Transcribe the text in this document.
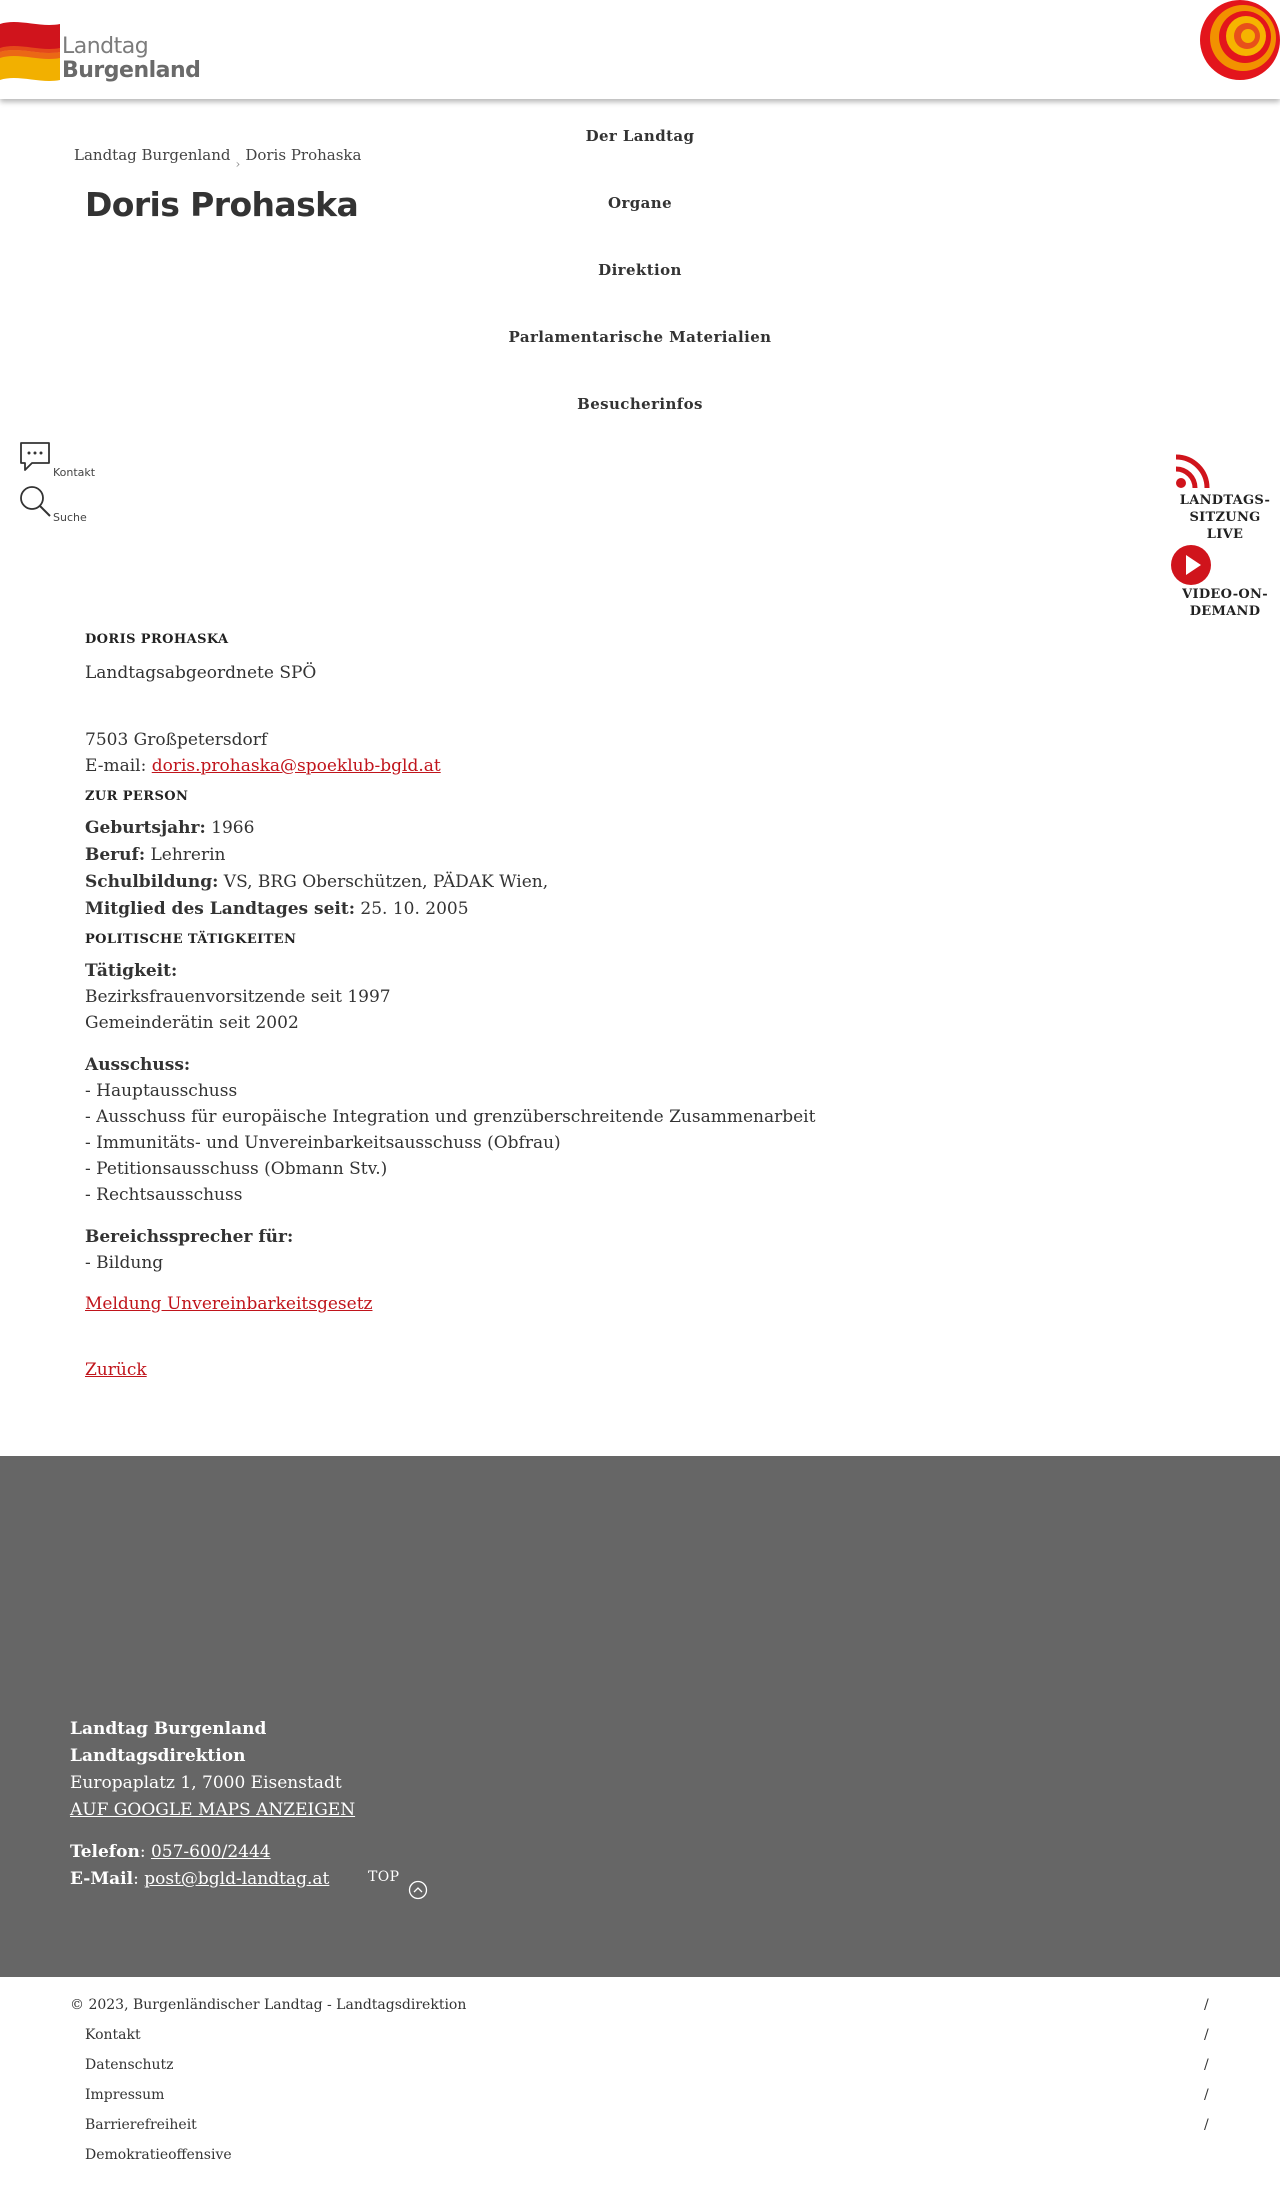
Landtag
Burgenland
Landtag Burgenland › Doris Prohaska
Doris Prohaska
Der Landtag
Organe
Direktion
Parlamentarische Materialien
Besucherinfos
Kontakt
Suche
LANDTAGS-
SITZUNG LIVE
VIDEO-ON-
DEMAND
DORIS PROHASKA
Landtagsabgeordnete SPÖ
7503 Großpetersdorf
E-mail: doris.prohaska@spoeklub-bgld.at
ZUR PERSON
Geburtsjahr: 1966
Beruf: Lehrerin
Schulbildung: VS, BRG Oberschützen, PÄDAK Wien,
Mitglied des Landtages seit: 25. 10. 2005
POLITISCHE TÄTIGKEITEN
Tätigkeit:
Bezirksfrauenvorsitzende seit 1997
Gemeinderätin seit 2002
Ausschuss:
- Hauptausschuss
- Ausschuss für europäische Integration und grenzüberschreitende Zusammenarbeit
- Immunitäts- und Unvereinbarkeitsausschuss (Obfrau)
- Petitionsausschuss (Obmann Stv.)
- Rechtsausschuss
Bereichssprecher für:
- Bildung
Meldung Unvereinbarkeitsgesetz
Zurück
Landtag Burgenland
Landtagsdirektion
Europaplatz 1, 7000 Eisenstadt
AUF GOOGLE MAPS ANZEIGEN
Telefon: 057-600/2444
E-Mail: post@bgld-landtag.at	TOP
© 2023, Burgenländischer Landtag - Landtagsdirektion	/
Kontakt	/
Datenschutz	/
Impressum	/
Barrierefreiheit	/
Demokratieoffensive
